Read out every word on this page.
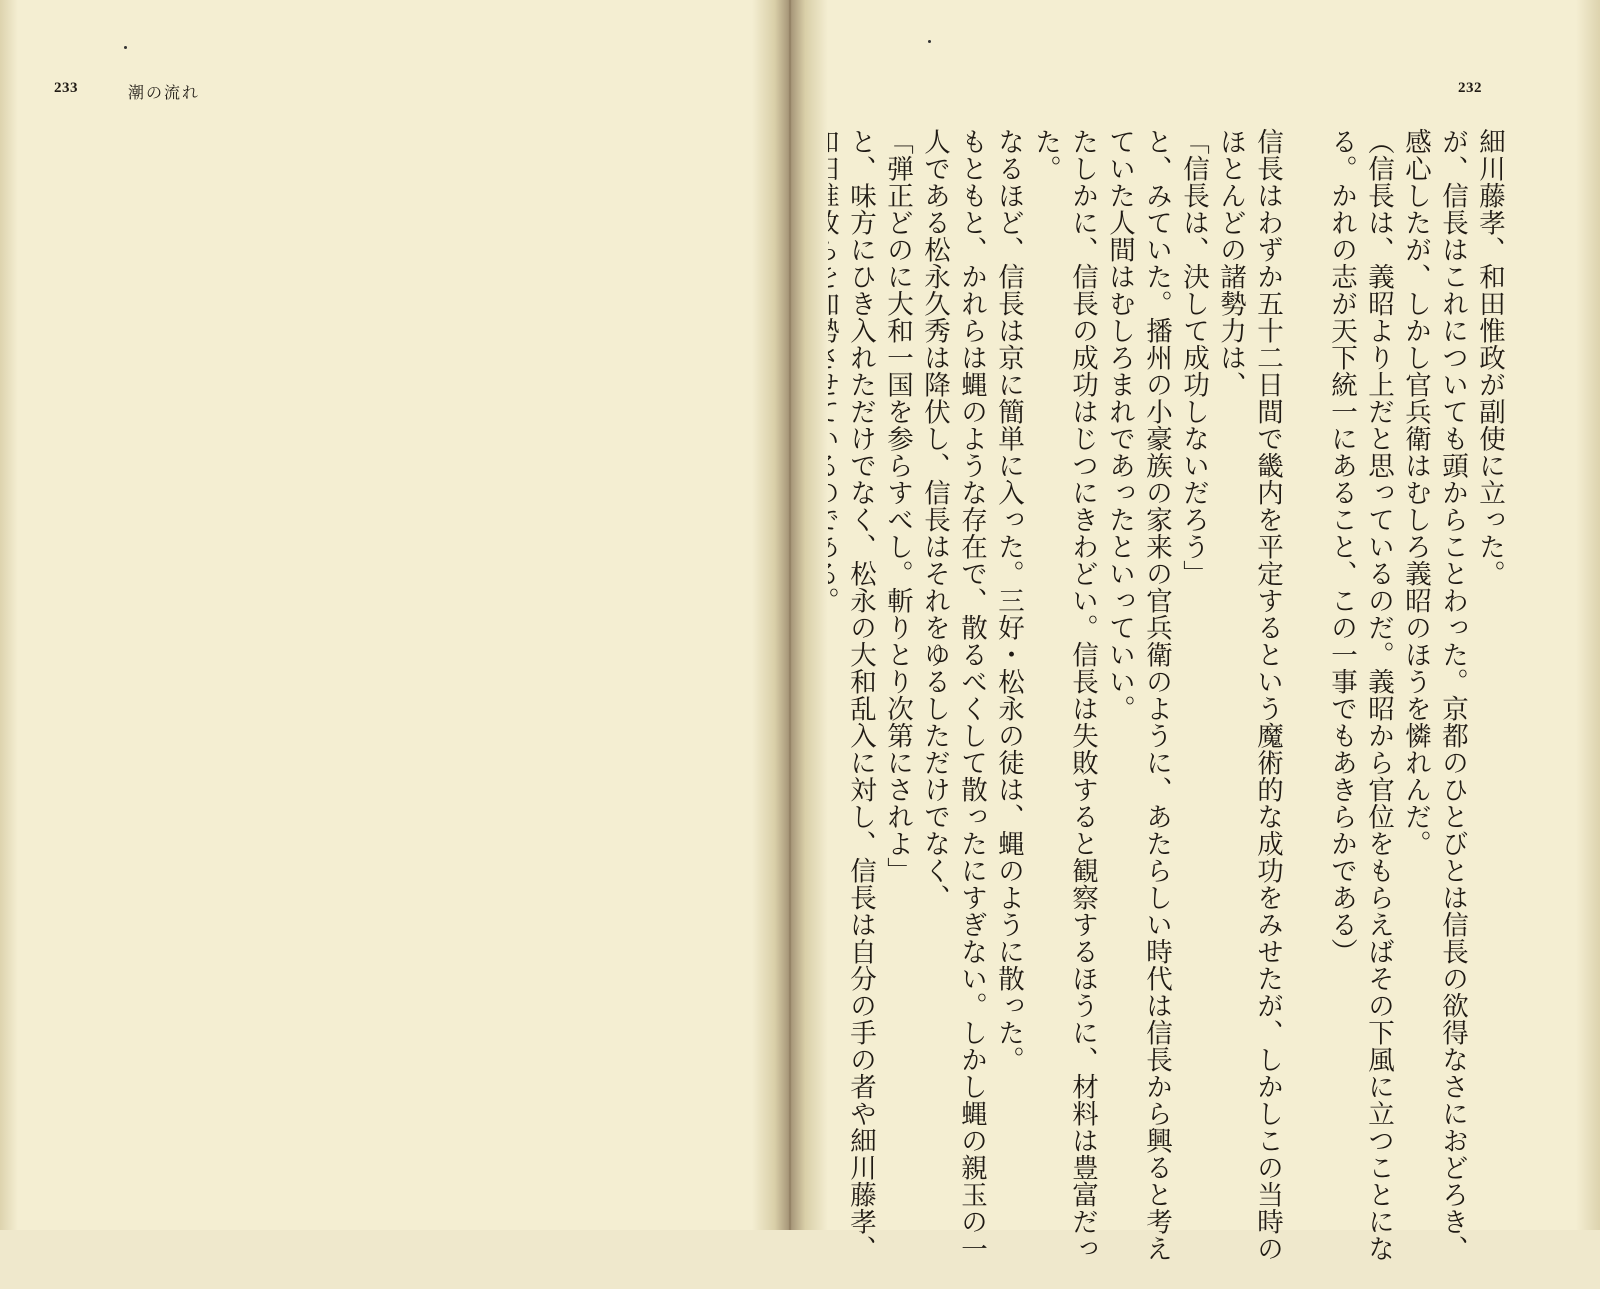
233	潮の流れ	232
細川藤孝、和田惟政が副使に立った。
が、信長はこれについても頭からことわった。京都のひとびとは信長の欲得なさにおどろき、
感心したが、しかし官兵衛はむしろ義昭のほうを憐れんだ。
（信長は、義昭より上だと思っているのだ。義昭から官位をもらえばその下風に立つことにな
る。かれの志が天下統一にあること、この一事でもあきらかである）

信長はわずか五十二日間で畿内を平定するという魔術的な成功をみせたが、しかしこの当時の
ほとんどの諸勢力は、
「信長は、決して成功しないだろう」
と、みていた。播州の小豪族の家来の官兵衛のように、あたらしい時代は信長から興ると考え
ていた人間はむしろまれであったといっていい。
たしかに、信長の成功はじつにきわどい。信長は失敗すると観察するほうに、材料は豊富だっ
た。
なるほど、信長は京に簡単に入った。三好・松永の徒は、蝿のように散った。
もともと、かれらは蝿のような存在で、散るべくして散ったにすぎない。しかし蝿の親玉の一
人である松永久秀は降伏し、信長はそれをゆるしただけでなく、
「弾正どのに大和一国を参らすべし。斬りとり次第にされよ」
と、味方にひき入れただけでなく、松永の大和乱入に対し、信長は自分の手の者や細川藤孝、
